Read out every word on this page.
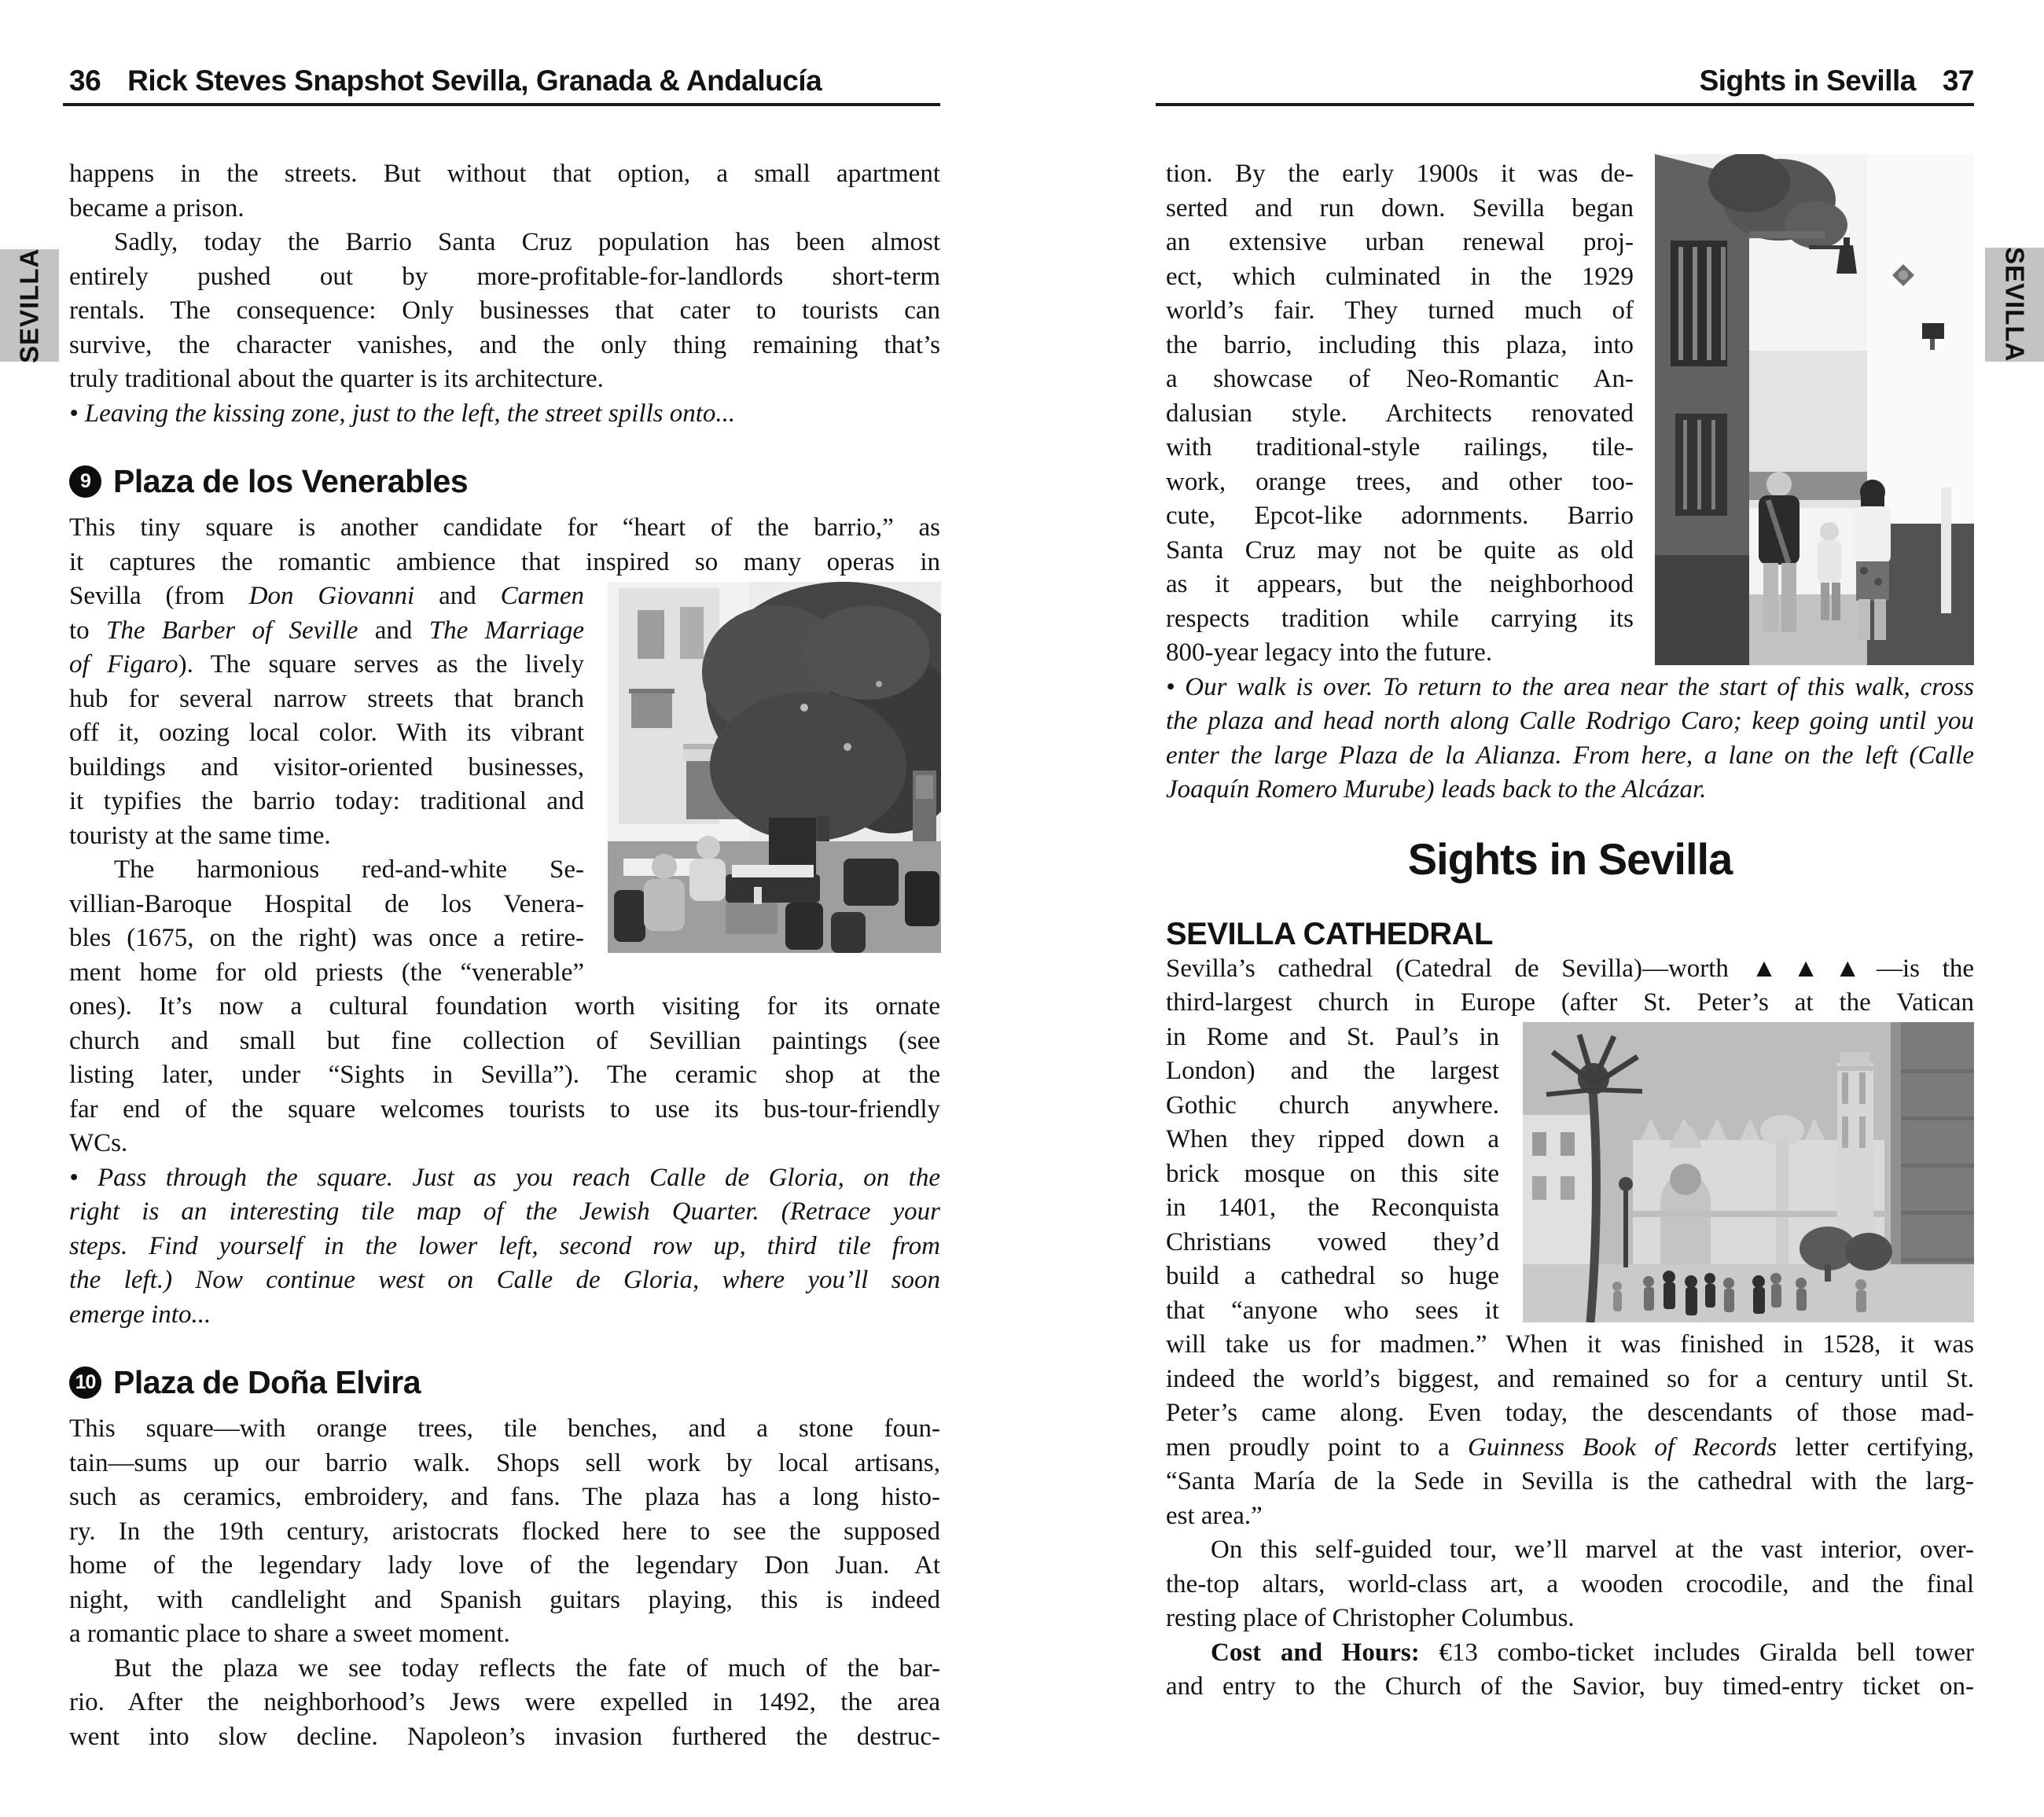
36 Rick Steves Snapshot Sevilla, Granada & Andalucía	Sights in Sevilla 37
SEVILLA	SEVILLA
happens in the streets. But without that option, a small apartment
became a prison.
Sadly, today the Barrio Santa Cruz population has been almost
entirely pushed out by more-profitable-for-landlords short-term
rentals. The consequence: Only businesses that cater to tourists can
survive, the character vanishes, and the only thing remaining that’s
truly traditional about the quarter is its architecture.
• Leaving the kissing zone, just to the left, the street spills onto...
9 Plaza de los Venerables
This tiny square is another candidate for “heart of the barrio,” as
it captures the romantic ambience that inspired so many operas in
Sevilla (from Don Giovanni and Carmen
to The Barber of Seville and The Marriage
of Figaro). The square serves as the lively
hub for several narrow streets that branch
off it, oozing local color. With its vibrant
buildings and visitor-oriented businesses,
it typifies the barrio today: traditional and
touristy at the same time.
The harmonious red-and-white Se-
villian-Baroque Hospital de los Venera-
bles (1675, on the right) was once a retire-
ment home for old priests (the “venerable”
ones). It’s now a cultural foundation worth visiting for its ornate
church and small but fine collection of Sevillian paintings (see
listing later, under “Sights in Sevilla”). The ceramic shop at the
far end of the square welcomes tourists to use its bus-tour-friendly
WCs.
• Pass through the square. Just as you reach Calle de Gloria, on the
right is an interesting tile map of the Jewish Quarter. (Retrace your
steps. Find yourself in the lower left, second row up, third tile from
the left.) Now continue west on Calle de Gloria, where you’ll soon
emerge into...
10 Plaza de Doña Elvira
This square—with orange trees, tile benches, and a stone foun-
tain—sums up our barrio walk. Shops sell work by local artisans,
such as ceramics, embroidery, and fans. The plaza has a long histo-
ry. In the 19th century, aristocrats flocked here to see the supposed
home of the legendary lady love of the legendary Don Juan. At
night, with candlelight and Spanish guitars playing, this is indeed
a romantic place to share a sweet moment.
But the plaza we see today reflects the fate of much of the bar-
rio. After the neighborhood’s Jews were expelled in 1492, the area
went into slow decline. Napoleon’s invasion furthered the destruc-
tion. By the early 1900s it was de-
serted and run down. Sevilla began
an extensive urban renewal proj-
ect, which culminated in the 1929
world’s fair. They turned much of
the barrio, including this plaza, into
a showcase of Neo-Romantic An-
dalusian style. Architects renovated
with traditional-style railings, tile-
work, orange trees, and other too-
cute, Epcot-like adornments. Barrio
Santa Cruz may not be quite as old
as it appears, but the neighborhood
respects tradition while carrying its
800-year legacy into the future.
• Our walk is over. To return to the area near the start of this walk, cross
the plaza and head north along Calle Rodrigo Caro; keep going until you
enter the large Plaza de la Alianza. From here, a lane on the left (Calle
Joaquín Romero Murube) leads back to the Alcázar.
Sights in Sevilla
SEVILLA CATHEDRAL
Sevilla’s cathedral (Catedral de Sevilla)—worth ▲▲▲—is the
third-largest church in Europe (after St. Peter’s at the Vatican
in Rome and St. Paul’s in
London) and the largest
Gothic church anywhere.
When they ripped down a
brick mosque on this site
in 1401, the Reconquista
Christians vowed they’d
build a cathedral so huge
that “anyone who sees it
will take us for madmen.” When it was finished in 1528, it was
indeed the world’s biggest, and remained so for a century until St.
Peter’s came along. Even today, the descendants of those mad-
men proudly point to a Guinness Book of Records letter certifying,
“Santa María de la Sede in Sevilla is the cathedral with the larg-
est area.”
On this self-guided tour, we’ll marvel at the vast interior, over-
the-top altars, world-class art, a wooden crocodile, and the final
resting place of Christopher Columbus.
Cost and Hours: €13 combo-ticket includes Giralda bell tower
and entry to the Church of the Savior, buy timed-entry ticket on-
